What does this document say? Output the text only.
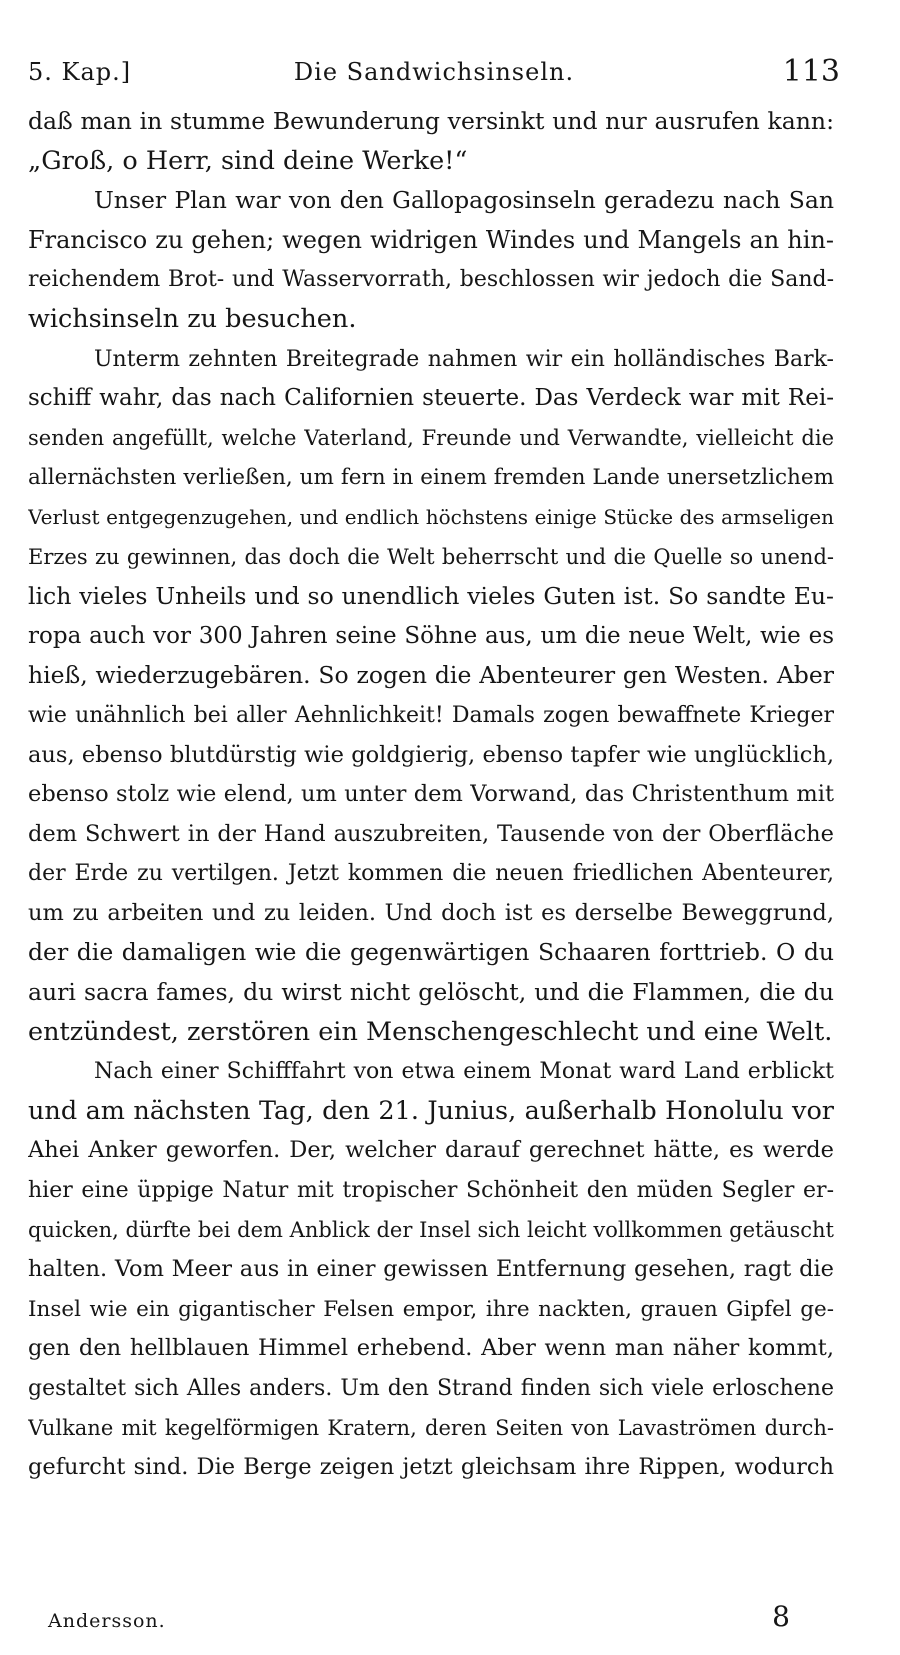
5. Kap.]	Die Sandwichsinseln.	113
daß man in stumme Bewunderung versinkt und nur ausrufen kann:
„Groß, o Herr, sind deine Werke!“
Unser Plan war von den Gallopagosinseln geradezu nach San
Francisco zu gehen; wegen widrigen Windes und Mangels an hin-
reichendem Brot- und Wasservorrath, beschlossen wir jedoch die Sand-
wichsinseln zu besuchen.
Unterm zehnten Breitegrade nahmen wir ein holländisches Bark-
schiff wahr, das nach Californien steuerte. Das Verdeck war mit Rei-
senden angefüllt, welche Vaterland, Freunde und Verwandte, vielleicht die
allernächsten verließen, um fern in einem fremden Lande unersetzlichem
Verlust entgegenzugehen, und endlich höchstens einige Stücke des armseligen
Erzes zu gewinnen, das doch die Welt beherrscht und die Quelle so unend-
lich vieles Unheils und so unendlich vieles Guten ist. So sandte Eu-
ropa auch vor 300 Jahren seine Söhne aus, um die neue Welt, wie es
hieß, wiederzugebären. So zogen die Abenteurer gen Westen. Aber
wie unähnlich bei aller Aehnlichkeit! Damals zogen bewaffnete Krieger
aus, ebenso blutdürstig wie goldgierig, ebenso tapfer wie unglücklich,
ebenso stolz wie elend, um unter dem Vorwand, das Christenthum mit
dem Schwert in der Hand auszubreiten, Tausende von der Oberfläche
der Erde zu vertilgen. Jetzt kommen die neuen friedlichen Abenteurer,
um zu arbeiten und zu leiden. Und doch ist es derselbe Beweggrund,
der die damaligen wie die gegenwärtigen Schaaren forttrieb. O du
auri sacra fames, du wirst nicht gelöscht, und die Flammen, die du
entzündest, zerstören ein Menschengeschlecht und eine Welt.
Nach einer Schifffahrt von etwa einem Monat ward Land erblickt
und am nächsten Tag, den 21. Junius, außerhalb Honolulu vor
Ahei Anker geworfen. Der, welcher darauf gerechnet hätte, es werde
hier eine üppige Natur mit tropischer Schönheit den müden Segler er-
quicken, dürfte bei dem Anblick der Insel sich leicht vollkommen getäuscht
halten. Vom Meer aus in einer gewissen Entfernung gesehen, ragt die
Insel wie ein gigantischer Felsen empor, ihre nackten, grauen Gipfel ge-
gen den hellblauen Himmel erhebend. Aber wenn man näher kommt,
gestaltet sich Alles anders. Um den Strand finden sich viele erloschene
Vulkane mit kegelförmigen Kratern, deren Seiten von Lavaströmen durch-
gefurcht sind. Die Berge zeigen jetzt gleichsam ihre Rippen, wodurch
Andersson.	8
